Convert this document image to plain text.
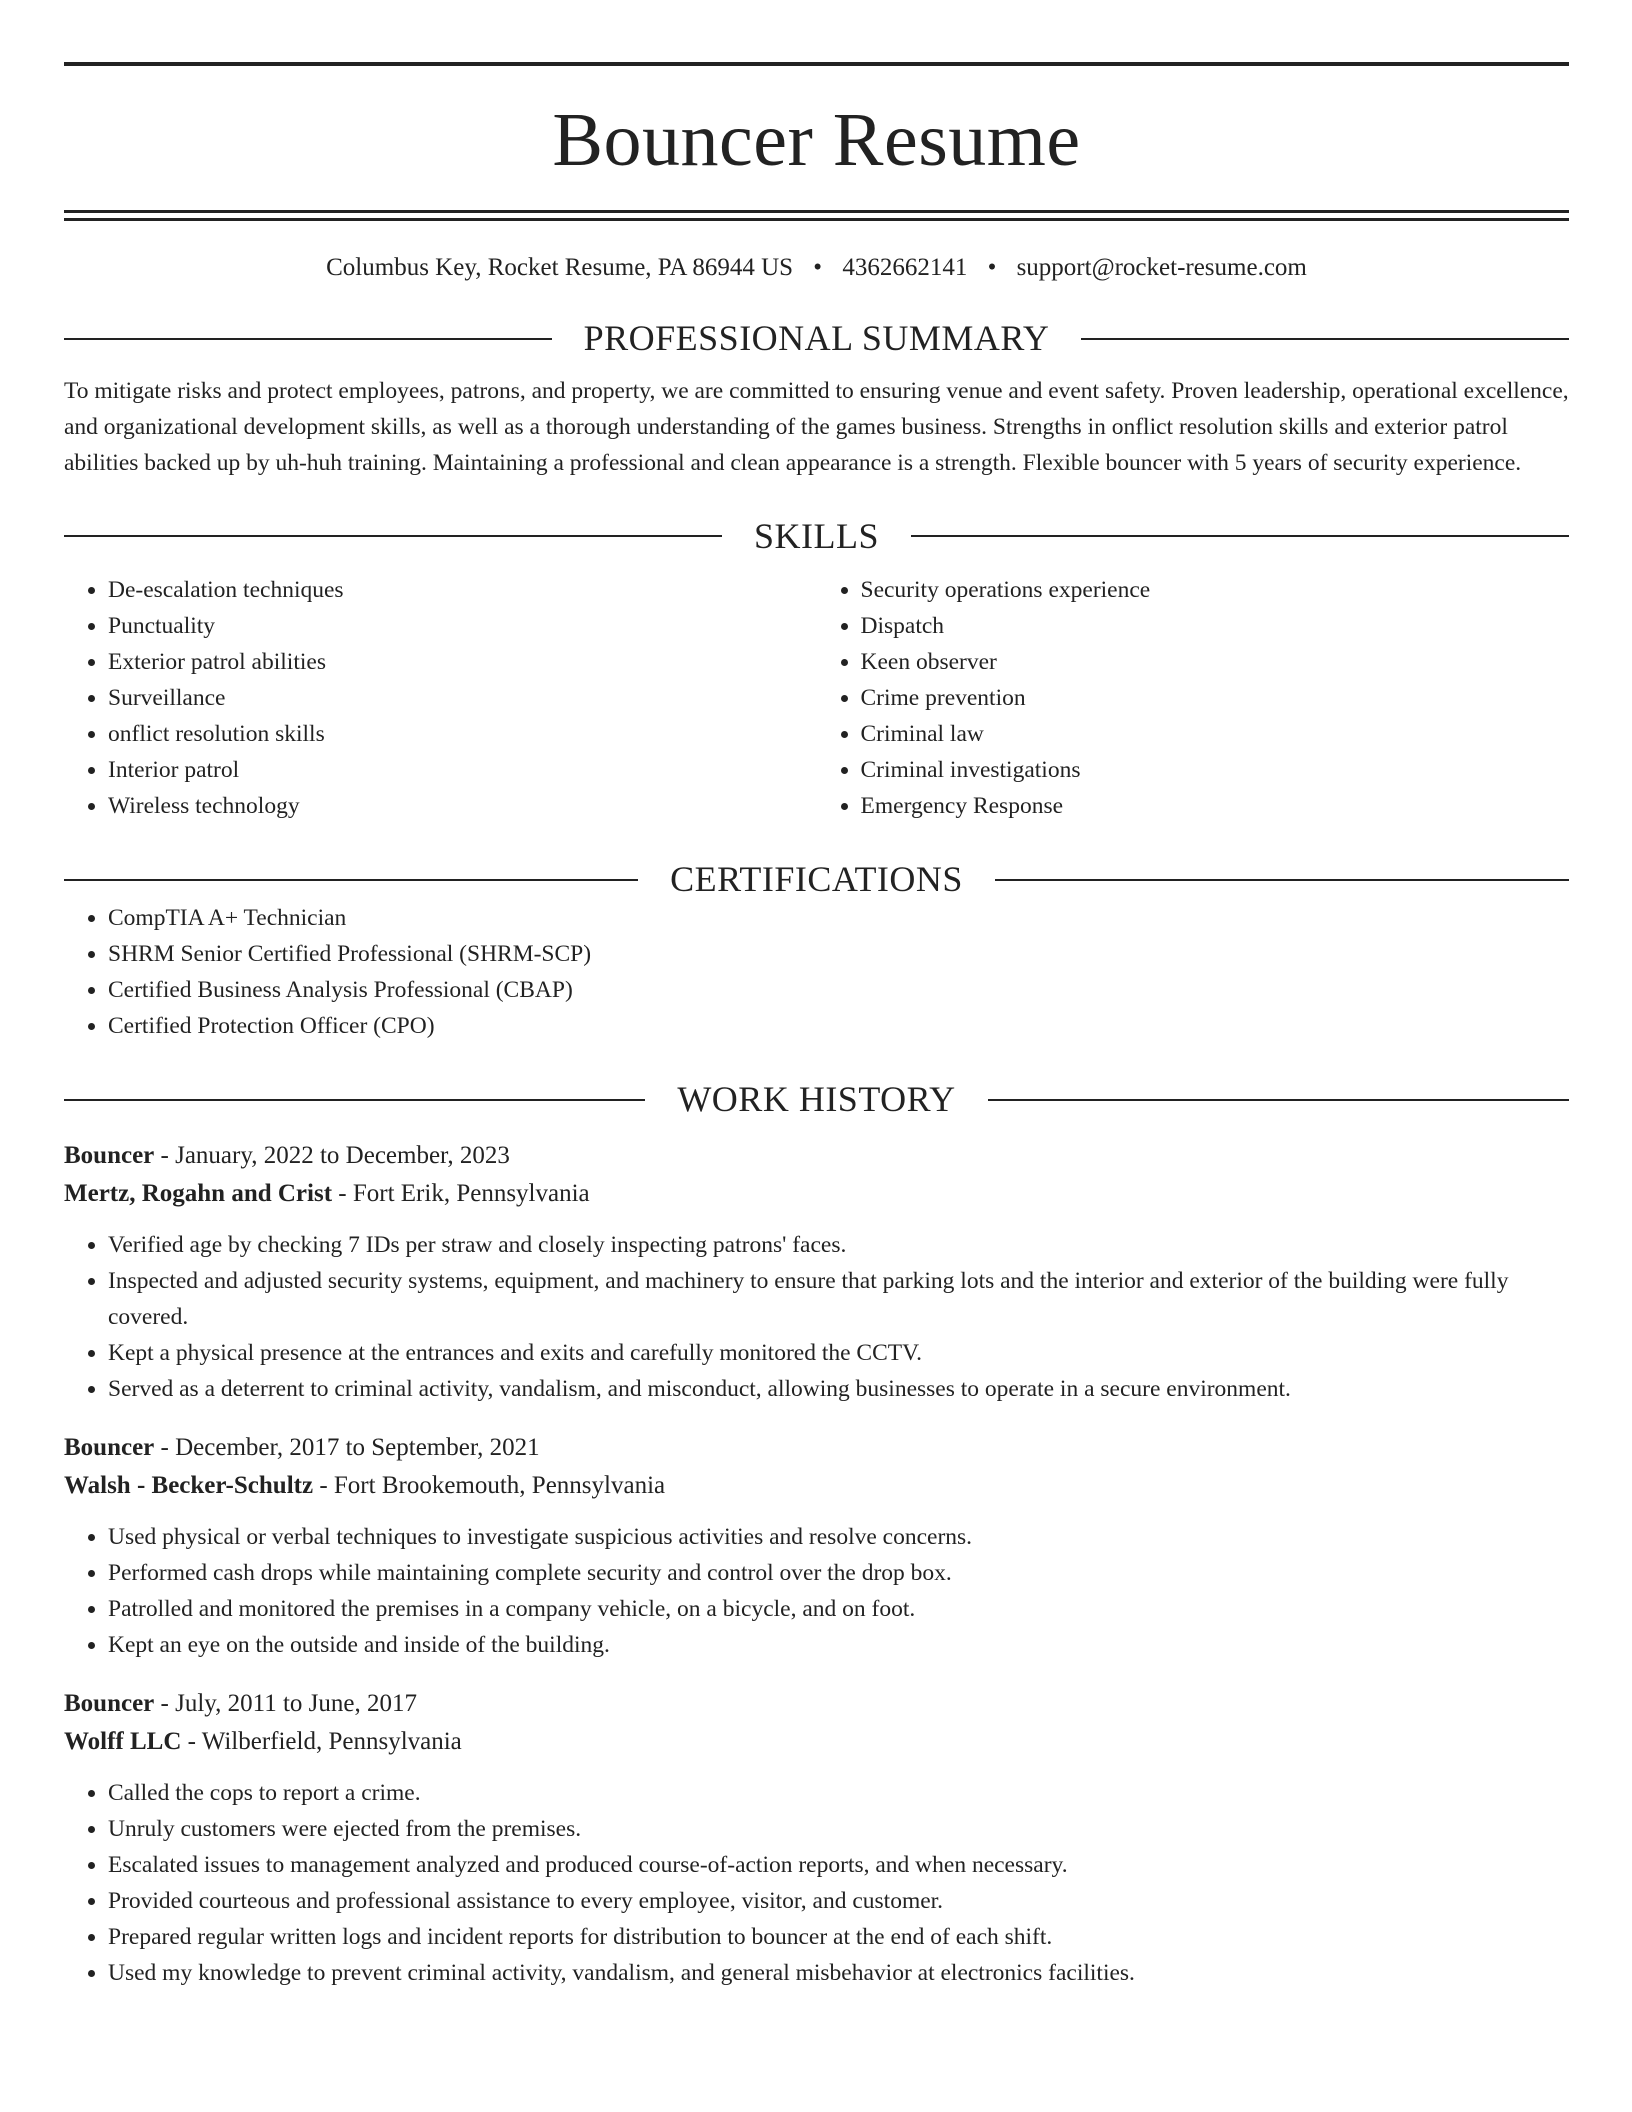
Bouncer Resume
Columbus Key, Rocket Resume, PA 86944 US • 4362662141 • support@rocket-resume.com
PROFESSIONAL SUMMARY

To mitigate risks and protect employees, patrons, and property, we are committed to ensuring venue and event safety. Proven leadership, operational excellence, and organizational development skills, as well as a thorough understanding of the games business. Strengths in onflict resolution skills and exterior patrol abilities backed up by uh-huh training. Maintaining a professional and clean appearance is a strength. Flexible bouncer with 5 years of security experience.

SKILLS
• De-escalation techniques
• Punctuality
• Exterior patrol abilities
• Surveillance
• onflict resolution skills
• Interior patrol
• Wireless technology
• Security operations experience
• Dispatch
• Keen observer
• Crime prevention
• Criminal law
• Criminal investigations
• Emergency Response
CERTIFICATIONS
• CompTIA A+ Technician
• SHRM Senior Certified Professional (SHRM-SCP)
• Certified Business Analysis Professional (CBAP)
• Certified Protection Officer (CPO)
WORK HISTORY
Bouncer - January, 2022 to December, 2023
Mertz, Rogahn and Crist - Fort Erik, Pennsylvania
• Verified age by checking 7 IDs per straw and closely inspecting patrons' faces.
• Inspected and adjusted security systems, equipment, and machinery to ensure that parking lots and the interior and exterior of the building were fully covered.
• Kept a physical presence at the entrances and exits and carefully monitored the CCTV.
• Served as a deterrent to criminal activity, vandalism, and misconduct, allowing businesses to operate in a secure environment.
Bouncer - December, 2017 to September, 2021
Walsh - Becker-Schultz - Fort Brookemouth, Pennsylvania
• Used physical or verbal techniques to investigate suspicious activities and resolve concerns.
• Performed cash drops while maintaining complete security and control over the drop box.
• Patrolled and monitored the premises in a company vehicle, on a bicycle, and on foot.
• Kept an eye on the outside and inside of the building.
Bouncer - July, 2011 to June, 2017
Wolff LLC - Wilberfield, Pennsylvania
• Called the cops to report a crime.
• Unruly customers were ejected from the premises.
• Escalated issues to management analyzed and produced course-of-action reports, and when necessary.
• Provided courteous and professional assistance to every employee, visitor, and customer.
• Prepared regular written logs and incident reports for distribution to bouncer at the end of each shift.
• Used my knowledge to prevent criminal activity, vandalism, and general misbehavior at electronics facilities.
